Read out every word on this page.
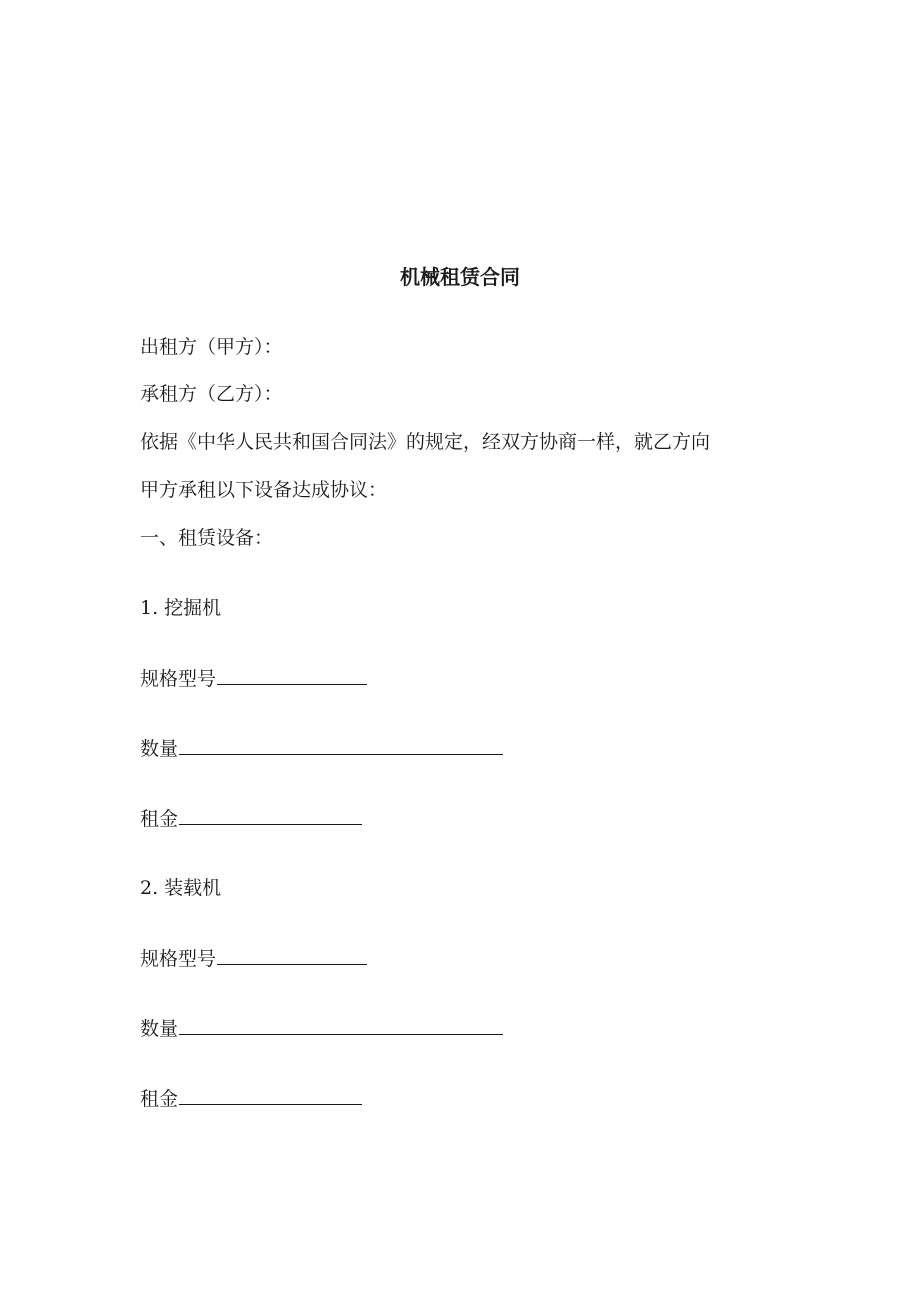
机械租赁合同
出租方（甲方）：
承租方（乙方）：
依据《中华人民共和国合同法》的规定，经双方协商一样，就乙方向
甲方承租以下设备达成协议：
一、租赁设备：
1. 挖掘机
规格型号
数量
租金
2. 装载机
规格型号
数量
租金
